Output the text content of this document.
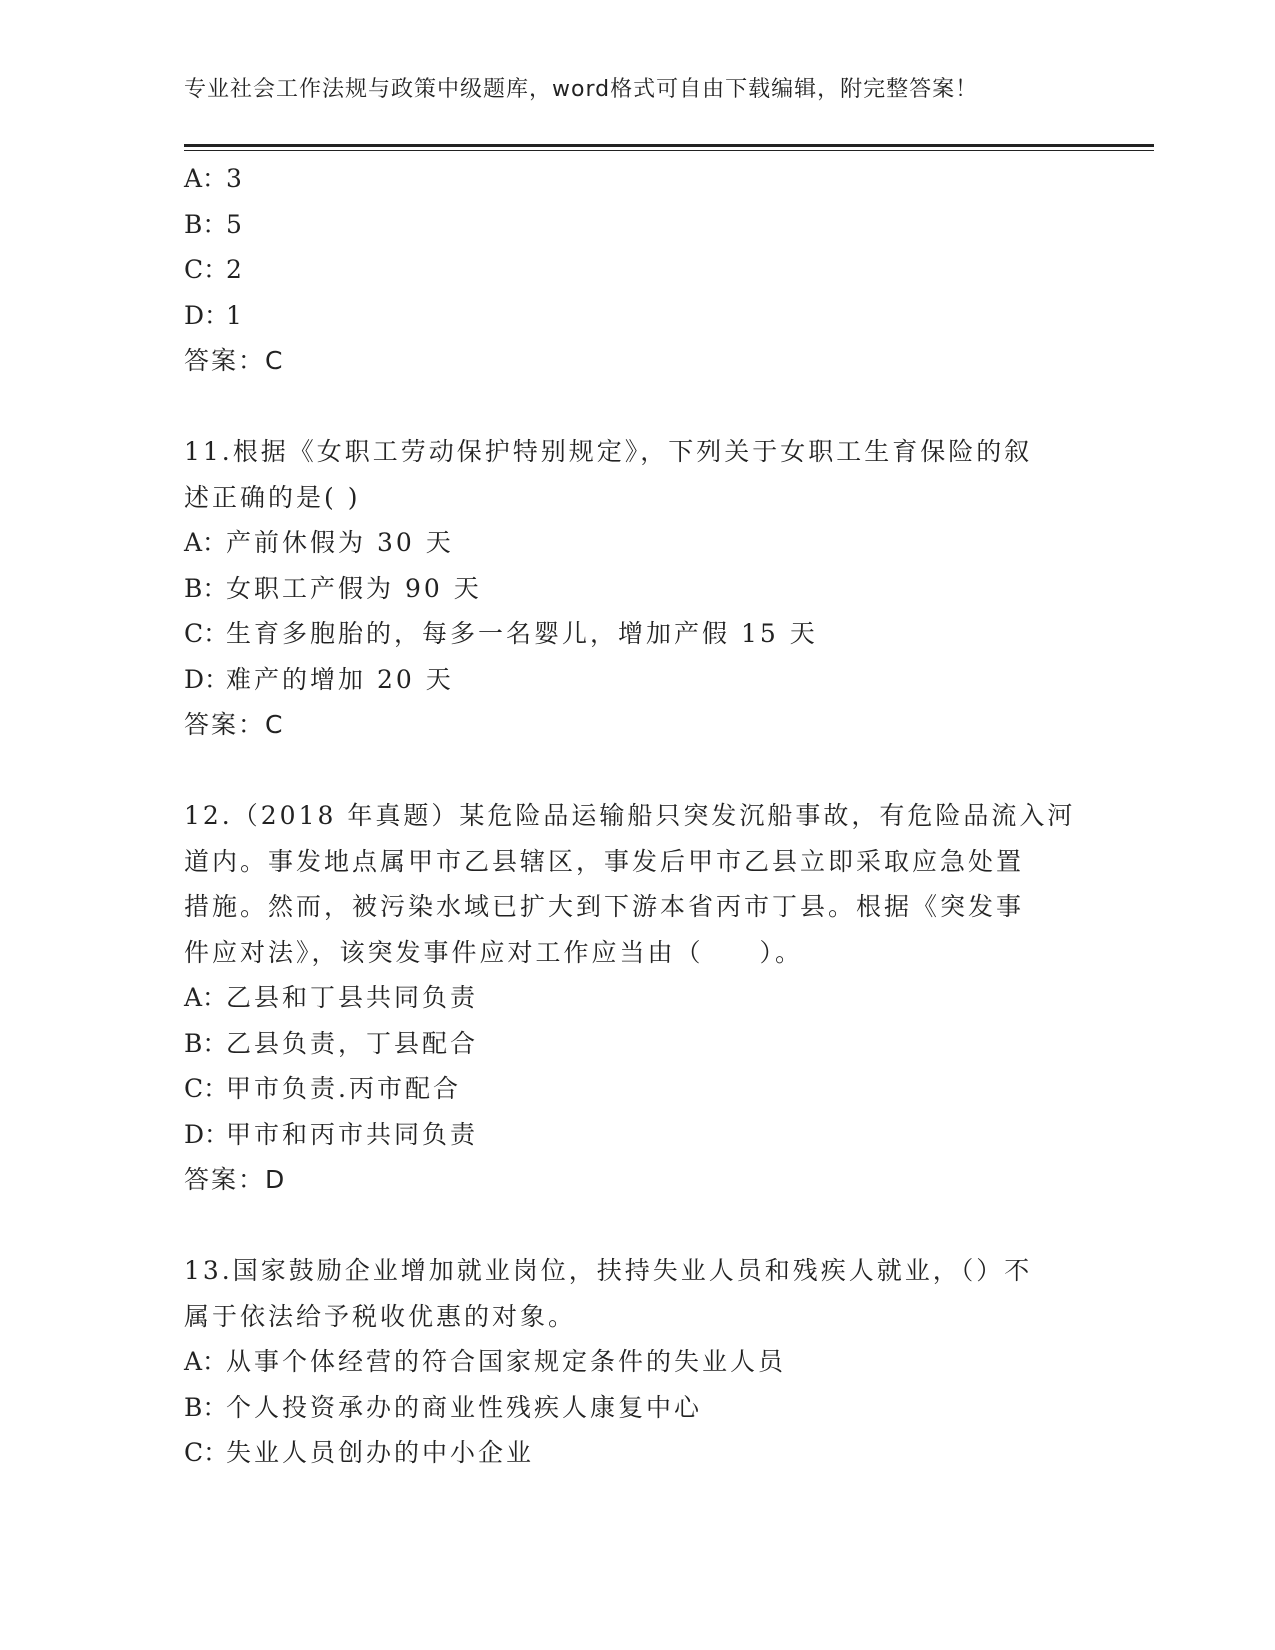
专业社会工作法规与政策中级题库，word格式可自由下载编辑，附完整答案！
A：3
B：5
C：2
D：1
答案：C
11.根据《女职工劳动保护特别规定》，下列关于女职工生育保险的叙
述正确的是( )
A：产前休假为 30 天
B：女职工产假为 90 天
C：生育多胞胎的，每多一名婴儿，增加产假 15 天
D：难产的增加 20 天
答案：C
12.（2018 年真题）某危险品运输船只突发沉船事故，有危险品流入河
道内。事发地点属甲市乙县辖区，事发后甲市乙县立即采取应急处置
措施。然而，被污染水域已扩大到下游本省丙市丁县。根据《突发事
件应对法》，该突发事件应对工作应当由（　　）。
A：乙县和丁县共同负责
B：乙县负责，丁县配合
C：甲市负责.丙市配合
D：甲市和丙市共同负责
答案：D
13.国家鼓励企业增加就业岗位，扶持失业人员和残疾人就业，（）不
属于依法给予税收优惠的对象。
A：从事个体经营的符合国家规定条件的失业人员
B：个人投资承办的商业性残疾人康复中心
C：失业人员创办的中小企业
